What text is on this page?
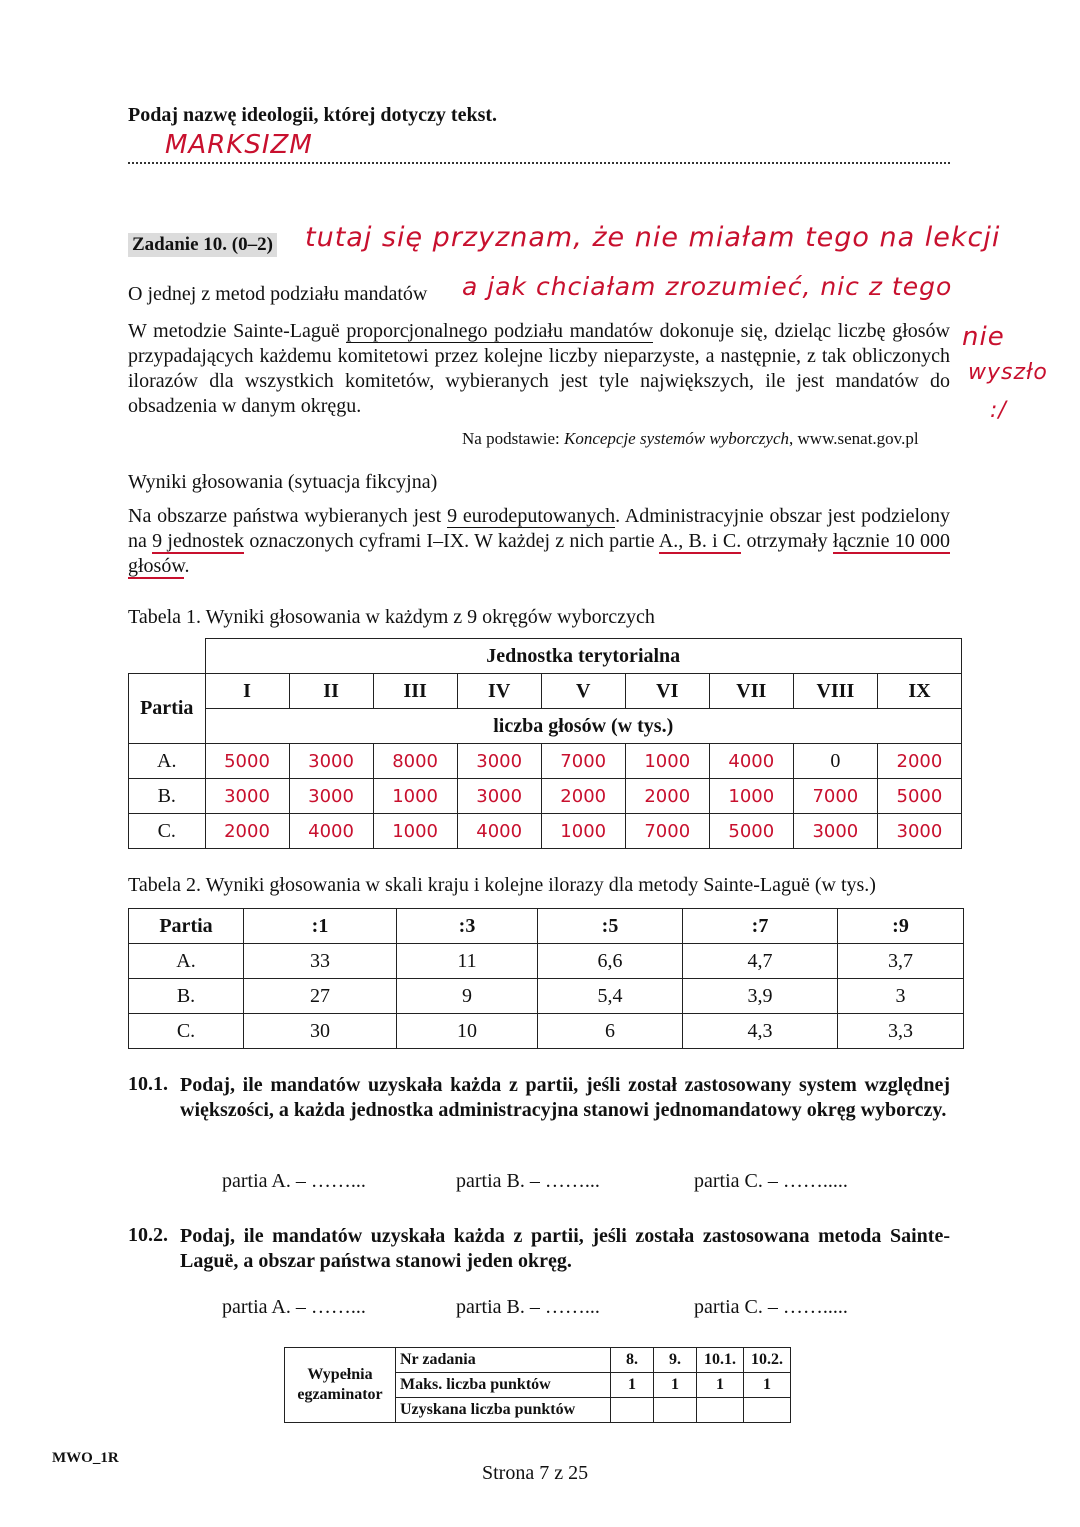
Podaj nazwę ideologii, której dotyczy tekst.
MARKSIZM
Zadanie 10. (0–2) tutaj się przyznam, że nie miałam tego na lekcji
a jak chciałam zrozumieć, nic z tego
nie
wyszło
:/
O jednej z metod podziału mandatów
W metodzie Sainte-Laguë proporcjonalnego podziału mandatów dokonuje się, dzieląc liczbę głosów przypadających każdemu komitetowi przez kolejne liczby nieparzyste, a następnie, z tak obliczonych ilorazów dla wszystkich komitetów, wybieranych jest tyle największych, ile jest mandatów do obsadzenia w danym okręgu.
Na podstawie: Koncepcje systemów wyborczych, www.senat.gov.pl
Wyniki głosowania (sytuacja fikcyjna)
Na obszarze państwa wybieranych jest 9 eurodeputowanych. Administracyjnie obszar jest podzielony na 9 jednostek oznaczonych cyframi I–IX. W każdej z nich partie A., B. i C. otrzymały łącznie 10 000 głosów.
Tabela 1. Wyniki głosowania w każdym z 9 okręgów wyborczych
	Jednostka terytorialna								
Partia	I	II	III	IV	V	VI	VII	VIII	IX
	liczba głosów (w tys.)								
A.	5000	3000	8000	3000	7000	1000	4000	0	2000
B.	3000	3000	1000	3000	2000	2000	1000	7000	5000
C.	2000	4000	1000	4000	1000	7000	5000	3000	3000
Tabela 2. Wyniki głosowania w skali kraju i kolejne ilorazy dla metody Sainte-Laguë (w tys.)
Partia	:1	:3	:5	:7	:9
A.	33	11	6,6	4,7	3,7
B.	27	9	5,4	3,9	3
C.	30	10	6	4,3	3,3
10.1. Podaj, ile mandatów uzyskała każda z partii, jeśli został zastosowany system względnej większości, a każda jednostka administracyjna stanowi jednomandatowy okręg wyborczy.
partia A. – ……...	partia B. – ……...	partia C. – …….....
10.2. Podaj, ile mandatów uzyskała każda z partii, jeśli została zastosowana metoda Sainte-Laguë, a obszar państwa stanowi jeden okręg.
partia A. – ……...	partia B. – ……...	partia C. – …….....
Wypełnia
egzaminator	Nr zadania	8.	9.	10.1.	10.2.
	Maks. liczba punktów	1	1	1	1
	Uzyskana liczba punktów				
MWO_1R
Strona 7 z 25
